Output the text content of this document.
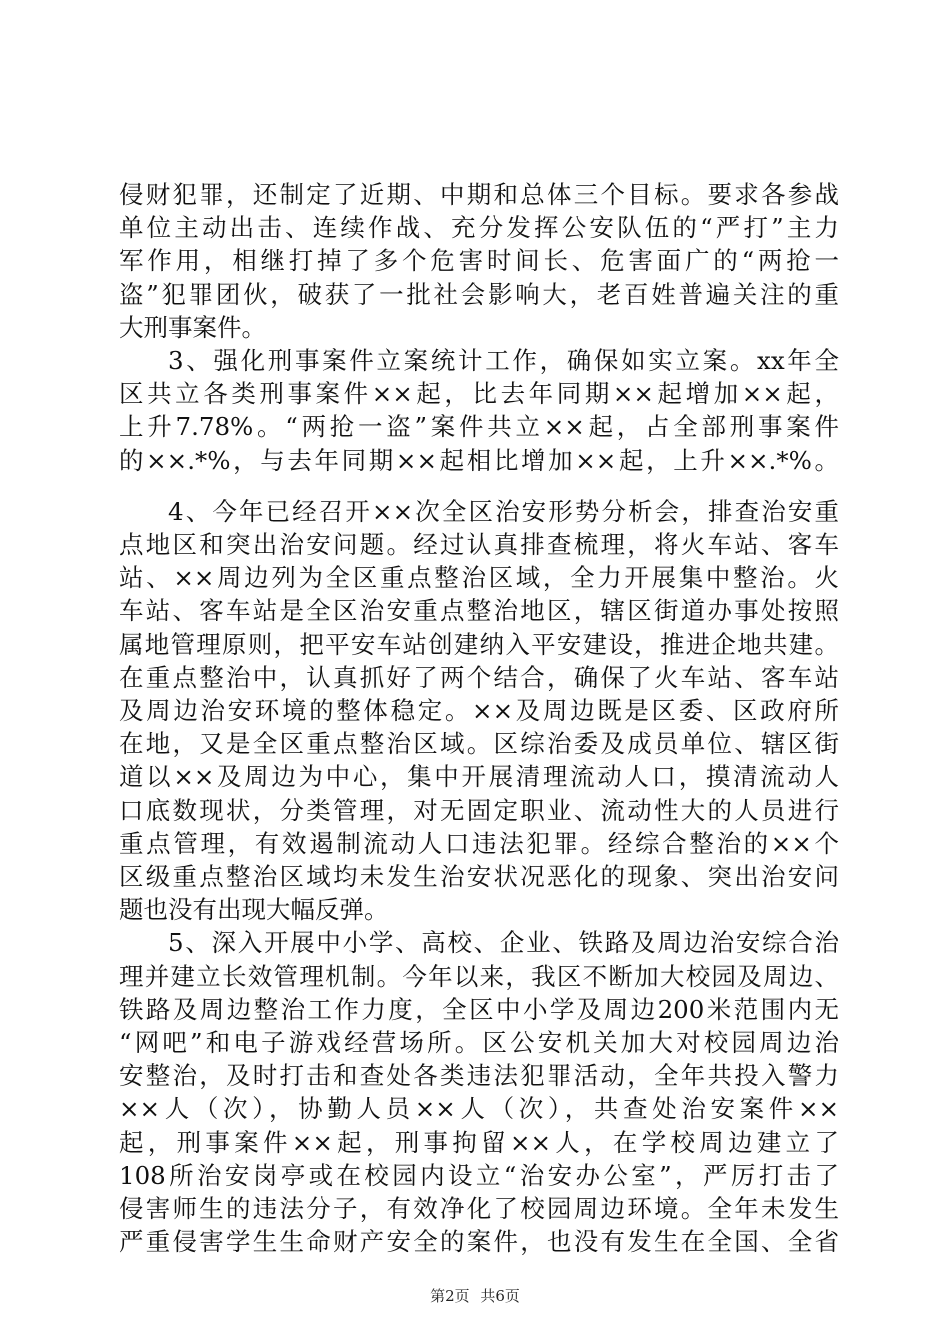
侵财犯罪，还制定了近期、中期和总体三个目标。要求各参战
单位主动出击、连续作战、充分发挥公安队伍的“严打”主力
军作用，相继打掉了多个危害时间长、危害面广的“两抢一
盗”犯罪团伙，破获了一批社会影响大，老百姓普遍关注的重
大刑事案件。
3、强化刑事案件立案统计工作，确保如实立案。xx年全
区共立各类刑事案件××起，比去年同期××起增加××起，
上升7.78%。“两抢一盗”案件共立××起，占全部刑事案件
的××.*%，与去年同期××起相比增加××起，上升××.*%。
4、今年已经召开××次全区治安形势分析会，排查治安重
点地区和突出治安问题。经过认真排查梳理，将火车站、客车
站、××周边列为全区重点整治区域，全力开展集中整治。火
车站、客车站是全区治安重点整治地区，辖区街道办事处按照
属地管理原则，把平安车站创建纳入平安建设，推进企地共建。
在重点整治中，认真抓好了两个结合，确保了火车站、客车站
及周边治安环境的整体稳定。××及周边既是区委、区政府所
在地，又是全区重点整治区域。区综治委及成员单位、辖区街
道以××及周边为中心，集中开展清理流动人口，摸清流动人
口底数现状，分类管理，对无固定职业、流动性大的人员进行
重点管理，有效遏制流动人口违法犯罪。经综合整治的××个
区级重点整治区域均未发生治安状况恶化的现象、突出治安问
题也没有出现大幅反弹。
5、深入开展中小学、高校、企业、铁路及周边治安综合治
理并建立长效管理机制。今年以来，我区不断加大校园及周边、
铁路及周边整治工作力度，全区中小学及周边200米范围内无
“网吧”和电子游戏经营场所。区公安机关加大对校园周边治
安整治，及时打击和查处各类违法犯罪活动，全年共投入警力
××人（次），协勤人员××人（次），共查处治安案件××
起，刑事案件××起，刑事拘留××人，在学校周边建立了
108所治安岗亭或在校园内设立“治安办公室”，严厉打击了
侵害师生的违法分子，有效净化了校园周边环境。全年未发生
严重侵害学生生命财产安全的案件，也没有发生在全国、全省
第2页 共6页
